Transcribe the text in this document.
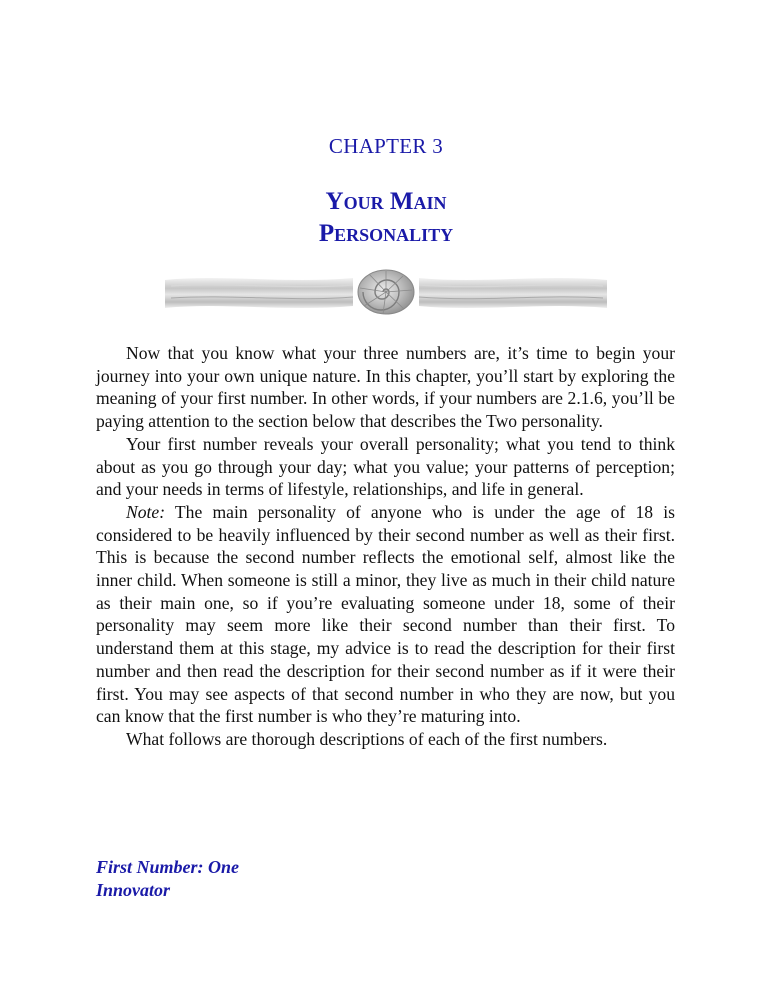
CHAPTER 3
Your Main
Personality

Now that you know what your three numbers are, it’s time to begin your journey into your own unique nature. In this chapter, you’ll start by exploring the meaning of your first number. In other words, if your numbers are 2.1.6, you’ll be paying attention to the section below that describes the Two personality.

Your first number reveals your overall personality; what you tend to think about as you go through your day; what you value; your patterns of perception; and your needs in terms of lifestyle, relationships, and life in general.

Note: The main personality of anyone who is under the age of 18 is considered to be heavily influenced by their second number as well as their first. This is because the second number reflects the emotional self, almost like the inner child. When someone is still a minor, they live as much in their child nature as their main one, so if you’re evaluating someone under 18, some of their personality may seem more like their second number than their first. To understand them at this stage, my advice is to read the description for their first number and then read the description for their second number as if it were their first. You may see aspects of that second number in who they are now, but you can know that the first number is who they’re maturing into.

What follows are thorough descriptions of each of the first numbers.

First Number: One
Innovator
